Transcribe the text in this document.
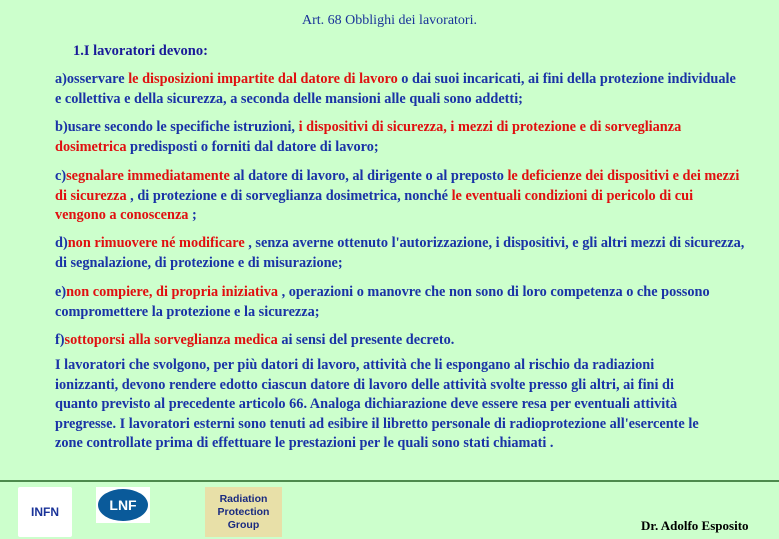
Art. 68 Obblighi dei lavoratori.
1.I lavoratori devono:
a)osservare le disposizioni impartite dal datore di lavoro o dai suoi incaricati, ai fini della protezione individuale e collettiva e della sicurezza, a seconda delle mansioni alle quali sono addetti;
b)usare secondo le specifiche istruzioni, i dispositivi di sicurezza, i mezzi di protezione e di sorveglianza dosimetrica predisposti o forniti dal datore di lavoro;
c)segnalare immediatamente al datore di lavoro, al dirigente o al preposto le deficienze dei dispositivi e dei mezzi di sicurezza , di protezione e di sorveglianza dosimetrica, nonché le eventuali condizioni di pericolo di cui vengono a conoscenza ;
d)non rimuovere né modificare , senza averne ottenuto l'autorizzazione, i dispositivi, e gli altri mezzi di sicurezza, di segnalazione, di protezione e di misurazione;
e)non compiere, di propria iniziativa , operazioni o manovre che non sono di loro competenza o che possono compromettere la protezione e la sicurezza;
f)sottoporsi alla sorveglianza medica ai sensi del presente decreto.
I lavoratori che svolgono, per più datori di lavoro, attività che li espongano al rischio da radiazioni ionizzanti, devono rendere edotto ciascun datore di lavoro delle attività svolte presso gli altri, ai fini di quanto previsto al precedente articolo 66. Analoga dichiarazione deve essere resa per eventuali attività pregresse. I lavoratori esterni sono tenuti ad esibire il libretto personale di radioprotezione all'esercente le zone controllate prima di effettuare le prestazioni per le quali sono stati chiamati .
INFN	LNF	Radiation
Protection
Group	Dr. Adolfo Esposito
